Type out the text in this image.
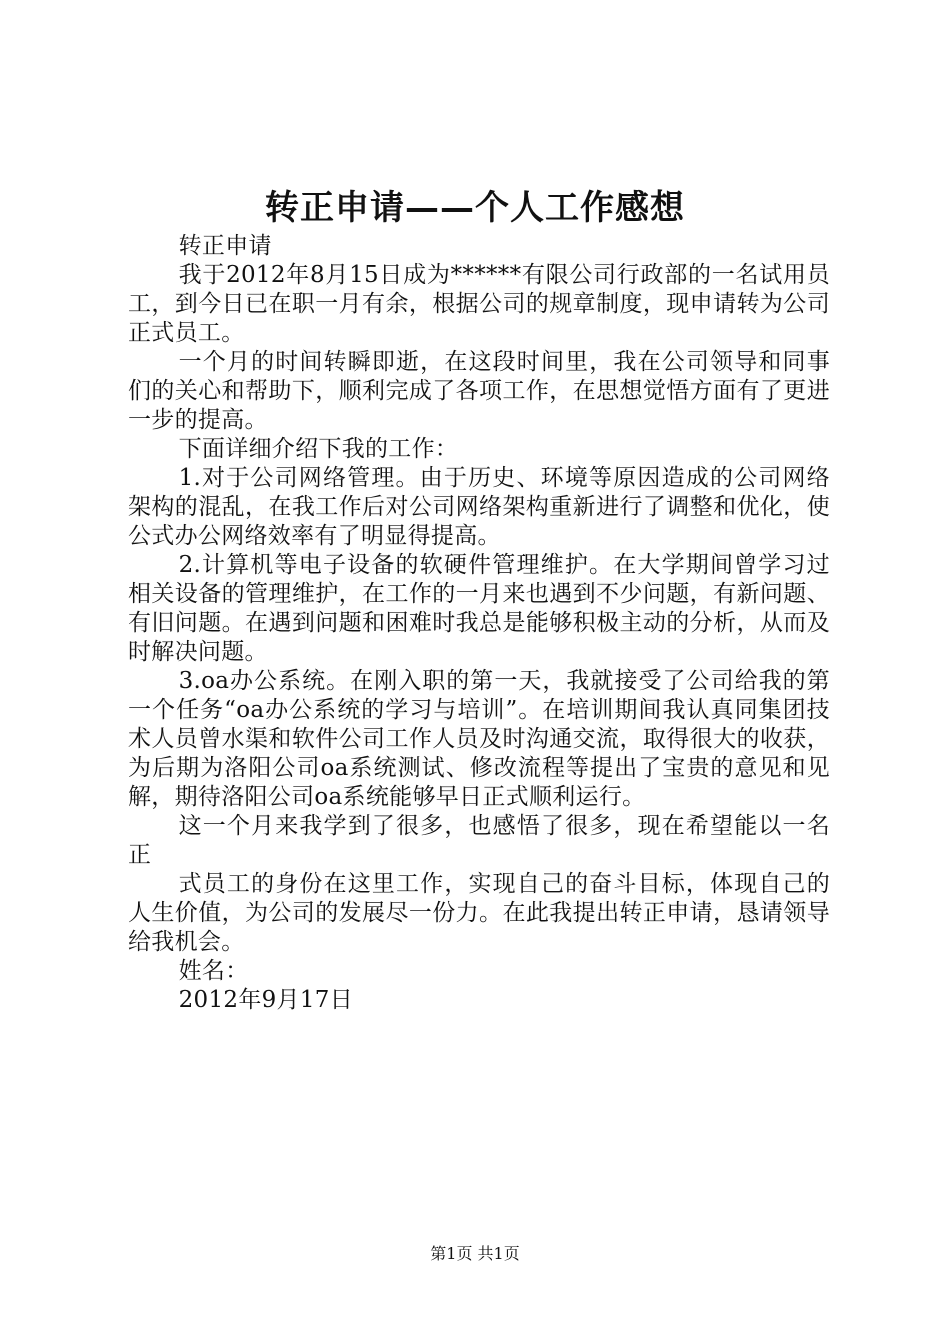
转正申请——个人工作感想

转正申请

我于2012年8月15日成为******有限公司行政部的一名试用员工，到今日已在职一月有余，根据公司的规章制度，现申请转为公司正式员工。

一个月的时间转瞬即逝，在这段时间里，我在公司领导和同事们的关心和帮助下，顺利完成了各项工作，在思想觉悟方面有了更进一步的提高。

下面详细介绍下我的工作：

1.对于公司网络管理。由于历史、环境等原因造成的公司网络架构的混乱，在我工作后对公司网络架构重新进行了调整和优化，使公式办公网络效率有了明显得提高。

2.计算机等电子设备的软硬件管理维护。在大学期间曾学习过相关设备的管理维护，在工作的一月来也遇到不少问题，有新问题、有旧问题。在遇到问题和困难时我总是能够积极主动的分析，从而及时解决问题。

3.oa办公系统。在刚入职的第一天，我就接受了公司给我的第一个任务“oa办公系统的学习与培训”。在培训期间我认真同集团技术人员曾水渠和软件公司工作人员及时沟通交流，取得很大的收获，为后期为洛阳公司oa系统测试、修改流程等提出了宝贵的意见和见解，期待洛阳公司oa系统能够早日正式顺利运行。

这一个月来我学到了很多，也感悟了很多，现在希望能以一名正

式员工的身份在这里工作，实现自己的奋斗目标，体现自己的人生价值，为公司的发展尽一份力。在此我提出转正申请，恳请领导给我机会。

姓名：

2012年9月17日

第1页 共1页
